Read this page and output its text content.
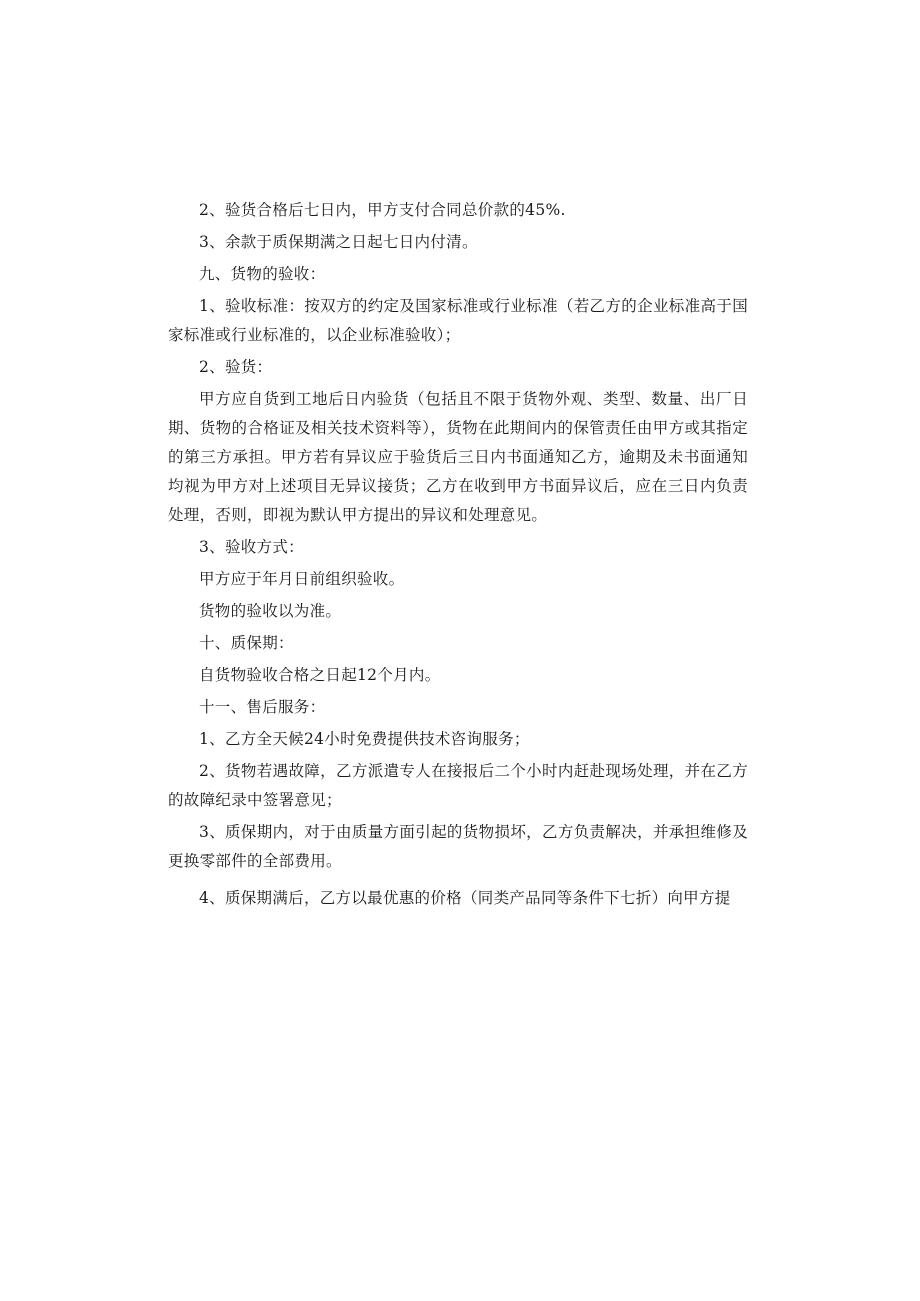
2、验货合格后七日内，甲方支付合同总价款的45%.

3、余款于质保期满之日起七日内付清。

九、货物的验收：

1、验收标准：按双方的约定及国家标准或行业标准（若乙方的企业标准高于国家标准或行业标准的，以企业标准验收）；

2、验货：

甲方应自货到工地后日内验货（包括且不限于货物外观、类型、数量、出厂日期、货物的合格证及相关技术资料等），货物在此期间内的保管责任由甲方或其指定的第三方承担。甲方若有异议应于验货后三日内书面通知乙方，逾期及未书面通知均视为甲方对上述项目无异议接货；乙方在收到甲方书面异议后，应在三日内负责处理，否则，即视为默认甲方提出的异议和处理意见。

3、验收方式：

甲方应于年月日前组织验收。

货物的验收以为准。

十、质保期：

自货物验收合格之日起12个月内。

十一、售后服务：

1、乙方全天候24小时免费提供技术咨询服务；

2、货物若遇故障，乙方派遣专人在接报后二个小时内赶赴现场处理，并在乙方的故障纪录中签署意见；

3、质保期内，对于由质量方面引起的货物损坏，乙方负责解决，并承担维修及更换零部件的全部费用。

4、质保期满后，乙方以最优惠的价格（同类产品同等条件下七折）向甲方提
